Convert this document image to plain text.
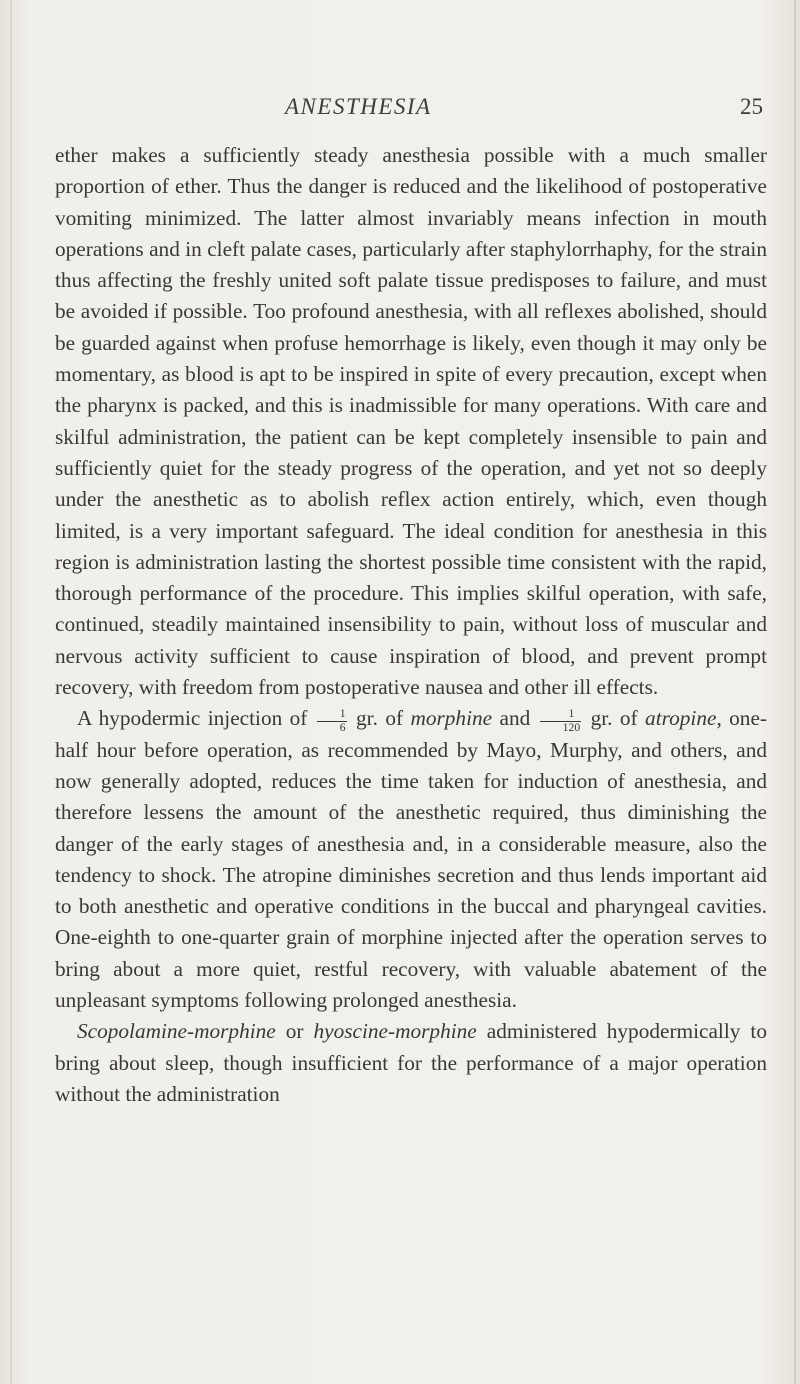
ANESTHESIA	25

ether makes a sufficiently steady anesthesia possible with a much smaller proportion of ether. Thus the danger is reduced and the likelihood of postoperative vomiting minimized. The latter almost invariably means infection in mouth operations and in cleft palate cases, particularly after staphylorrhaphy, for the strain thus affecting the freshly united soft palate tissue predisposes to failure, and must be avoided if possible. Too profound anesthesia, with all reflexes abolished, should be guarded against when profuse hemorrhage is likely, even though it may only be momentary, as blood is apt to be inspired in spite of every precaution, except when the pharynx is packed, and this is inadmissible for many operations. With care and skilful administration, the patient can be kept completely insensible to pain and sufficiently quiet for the steady progress of the operation, and yet not so deeply under the anesthetic as to abolish reflex action entirely, which, even though limited, is a very important safeguard. The ideal condition for anesthesia in this region is administration lasting the shortest possible time consistent with the rapid, thorough performance of the procedure. This implies skilful operation, with safe, continued, steadily maintained insensibility to pain, without loss of muscular and nervous activity sufficient to cause inspiration of blood, and prevent prompt recovery, with freedom from postoperative nausea and other ill effects.

A hypodermic injection of $\frac{1}{6}$ gr. of morphine and $\frac{1}{120}$ gr. of atropine, one-half hour before operation, as recommended by Mayo, Murphy, and others, and now generally adopted, reduces the time taken for induction of anesthesia, and therefore lessens the amount of the anesthetic required, thus diminishing the danger of the early stages of anesthesia and, in a considerable measure, also the tendency to shock. The atropine diminishes secretion and thus lends important aid to both anesthetic and operative conditions in the buccal and pharyngeal cavities. One-eighth to one-quarter grain of morphine injected after the operation serves to bring about a more quiet, restful recovery, with valuable abatement of the unpleasant symptoms following prolonged anesthesia.

Scopolamine-morphine or hyoscine-morphine administered hypodermically to bring about sleep, though insufficient for the performance of a major operation without the administration
